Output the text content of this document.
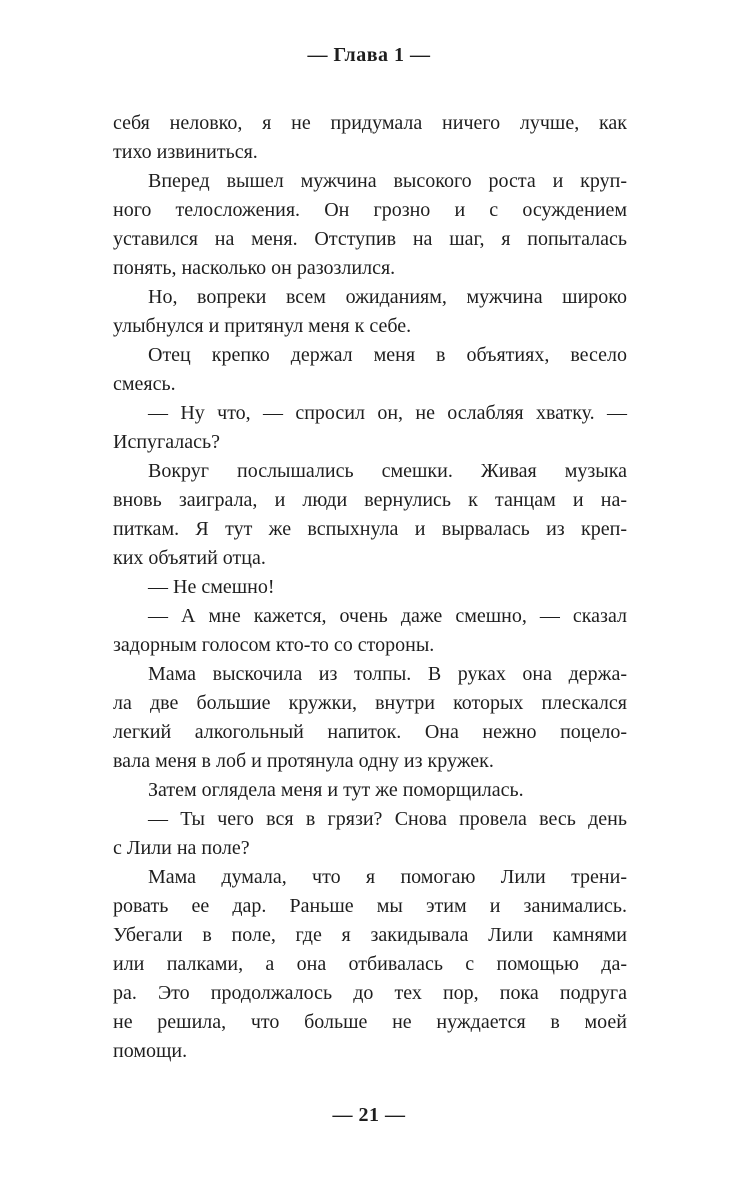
— Глава 1 —
себя неловко, я не придумала ничего лучше, как
тихо извиниться.
Вперед вышел мужчина высокого роста и круп-
ного телосложения. Он грозно и с осуждением
уставился на меня. Отступив на шаг, я попыталась
понять, насколько он разозлился.
Но, вопреки всем ожиданиям, мужчина широко
улыбнулся и притянул меня к себе.
Отец крепко держал меня в объятиях, весело
смеясь.
— Ну что, — спросил он, не ослабляя хватку. —
Испугалась?
Вокруг послышались смешки. Живая музыка
вновь заиграла, и люди вернулись к танцам и на-
питкам. Я тут же вспыхнула и вырвалась из креп-
ких объятий отца.
— Не смешно!
— А мне кажется, очень даже смешно, — сказал
задорным голосом кто-то со стороны.
Мама выскочила из толпы. В руках она держа-
ла две большие кружки, внутри которых плескался
легкий алкогольный напиток. Она нежно поцело-
вала меня в лоб и протянула одну из кружек.
Затем оглядела меня и тут же поморщилась.
— Ты чего вся в грязи? Снова провела весь день
с Лили на поле?
Мама думала, что я помогаю Лили трени-
ровать ее дар. Раньше мы этим и занимались.
Убегали в поле, где я закидывала Лили камнями
или палками, а она отбивалась с помощью да-
ра. Это продолжалось до тех пор, пока подруга
не решила, что больше не нуждается в моей
помощи.
— 21 —
